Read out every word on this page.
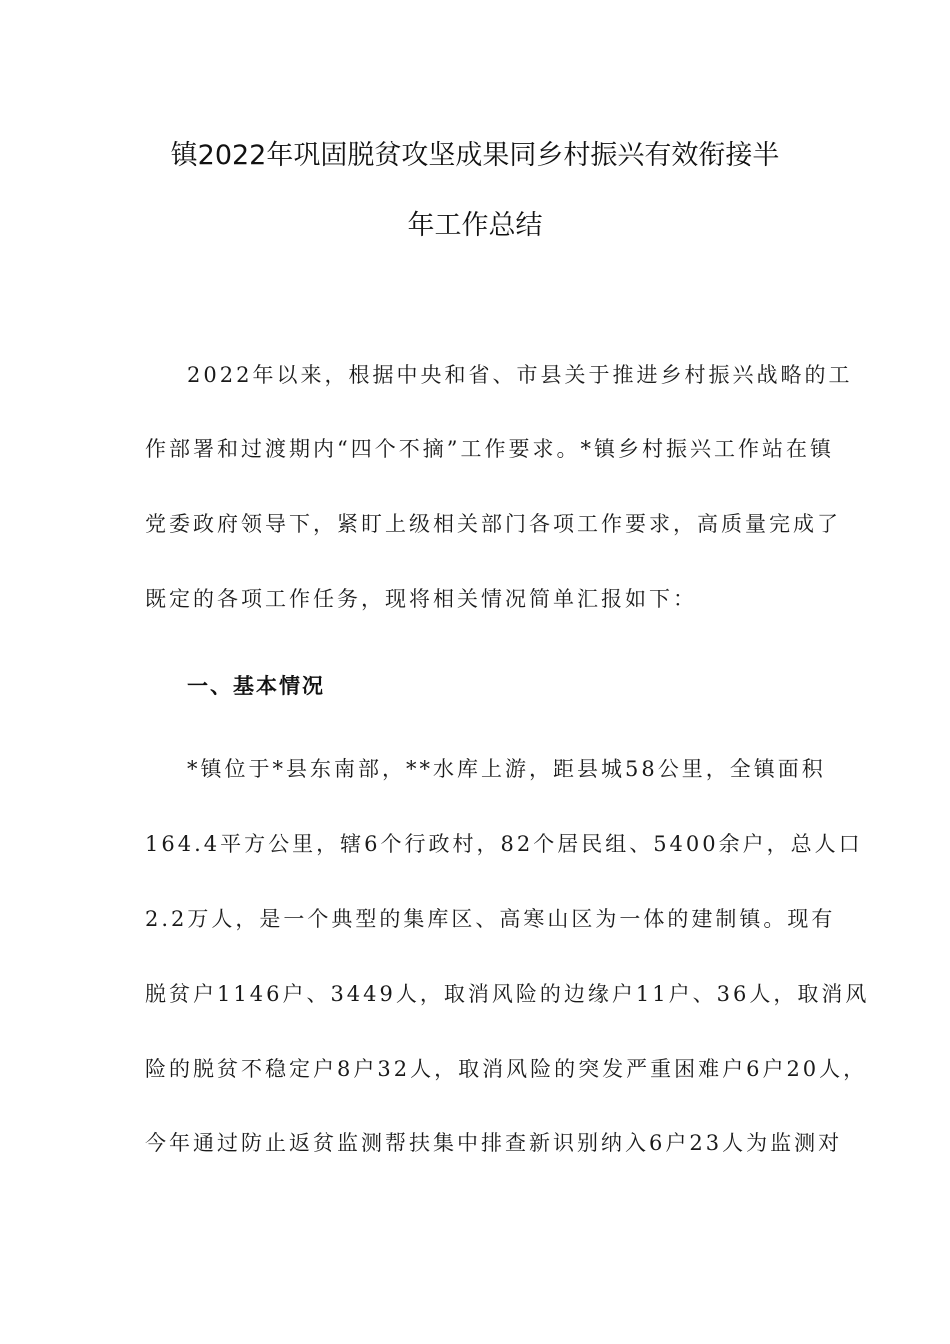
镇2022年巩固脱贫攻坚成果同乡村振兴有效衔接半
年工作总结
2022年以来，根据中央和省、市县关于推进乡村振兴战略的工
作部署和过渡期内“四个不摘”工作要求。*镇乡村振兴工作站在镇
党委政府领导下，紧盯上级相关部门各项工作要求，高质量完成了
既定的各项工作任务，现将相关情况简单汇报如下：
一、基本情况
*镇位于*县东南部，**水库上游，距县城58公里，全镇面积
164.4平方公里，辖6个行政村，82个居民组、5400余户，总人口
2.2万人，是一个典型的集库区、高寒山区为一体的建制镇。现有
脱贫户1146户、3449人，取消风险的边缘户11户、36人，取消风
险的脱贫不稳定户8户32人，取消风险的突发严重困难户6户20人，
今年通过防止返贫监测帮扶集中排查新识别纳入6户23人为监测对
